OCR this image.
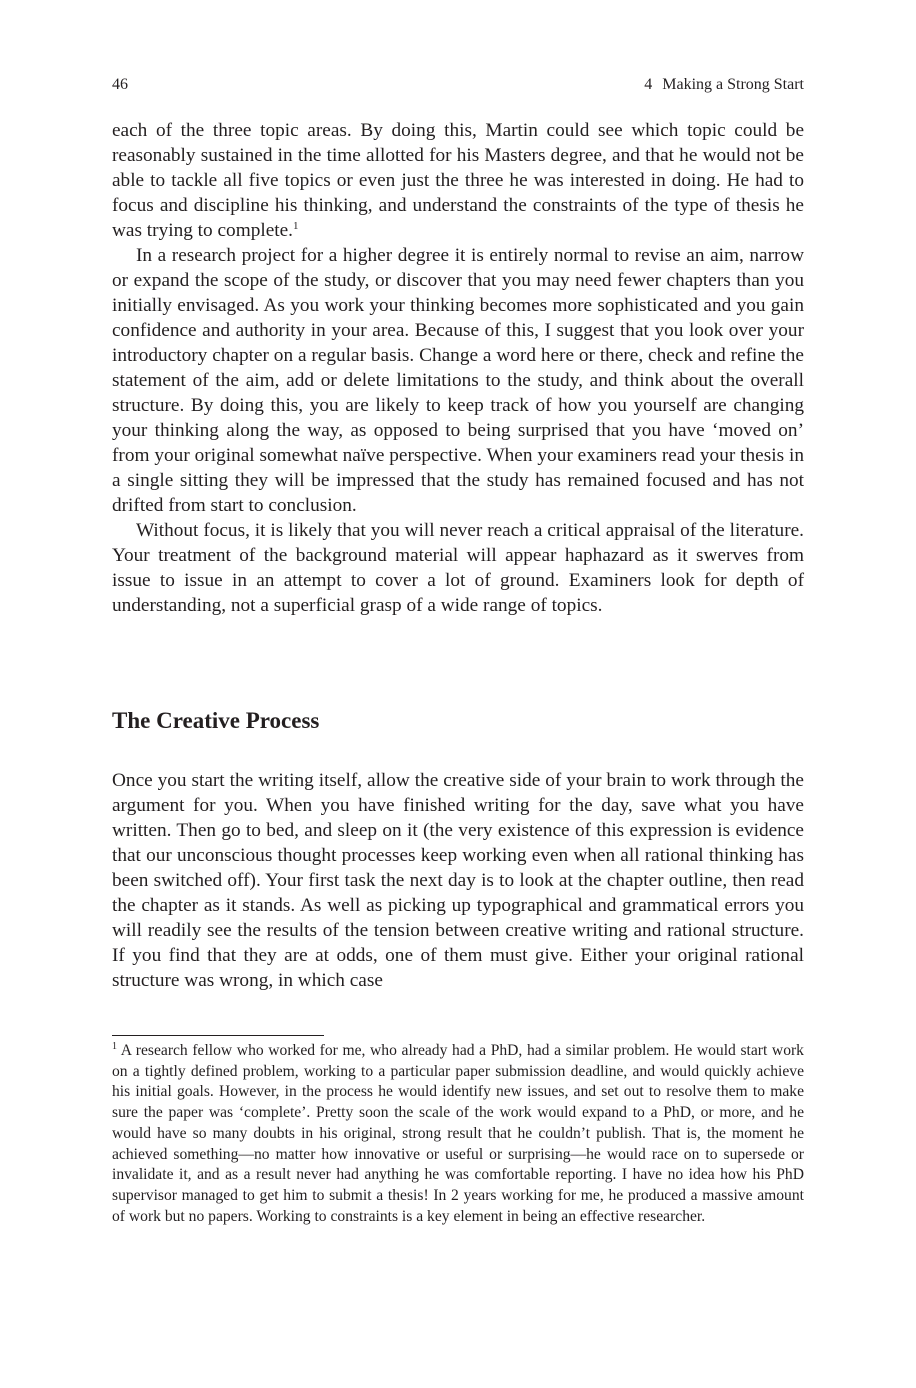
46	4 Making a Strong Start

each of the three topic areas. By doing this, Martin could see which topic could be reasonably sustained in the time allotted for his Masters degree, and that he would not be able to tackle all five topics or even just the three he was interested in doing. He had to focus and discipline his thinking, and understand the constraints of the type of thesis he was trying to complete.$^1$

In a research project for a higher degree it is entirely normal to revise an aim, narrow or expand the scope of the study, or discover that you may need fewer chapters than you initially envisaged. As you work your thinking becomes more sophisticated and you gain confidence and authority in your area. Because of this, I suggest that you look over your introductory chapter on a regular basis. Change a word here or there, check and refine the statement of the aim, add or delete limitations to the study, and think about the overall structure. By doing this, you are likely to keep track of how you yourself are changing your thinking along the way, as opposed to being surprised that you have ‘moved on’ from your original somewhat naïve perspective. When your examiners read your thesis in a single sitting they will be impressed that the study has remained focused and has not drifted from start to conclusion.

Without focus, it is likely that you will never reach a critical appraisal of the literature. Your treatment of the background material will appear haphazard as it swerves from issue to issue in an attempt to cover a lot of ground. Examiners look for depth of understanding, not a superficial grasp of a wide range of topics.

The Creative Process

Once you start the writing itself, allow the creative side of your brain to work through the argument for you. When you have finished writing for the day, save what you have written. Then go to bed, and sleep on it (the very existence of this expression is evidence that our unconscious thought processes keep working even when all rational thinking has been switched off). Your first task the next day is to look at the chapter outline, then read the chapter as it stands. As well as picking up typographical and grammatical errors you will readily see the results of the tension between creative writing and rational structure. If you find that they are at odds, one of them must give. Either your original rational structure was wrong, in which case

$^1$ A research fellow who worked for me, who already had a PhD, had a similar problem. He would start work on a tightly defined problem, working to a particular paper submission deadline, and would quickly achieve his initial goals. However, in the process he would identify new issues, and set out to resolve them to make sure the paper was ‘complete’. Pretty soon the scale of the work would expand to a PhD, or more, and he would have so many doubts in his original, strong result that he couldn’t publish. That is, the moment he achieved something—no matter how innovative or useful or surprising—he would race on to supersede or invalidate it, and as a result never had anything he was comfortable reporting. I have no idea how his PhD supervisor managed to get him to submit a thesis! In 2 years working for me, he produced a massive amount of work but no papers. Working to constraints is a key element in being an effective researcher.
